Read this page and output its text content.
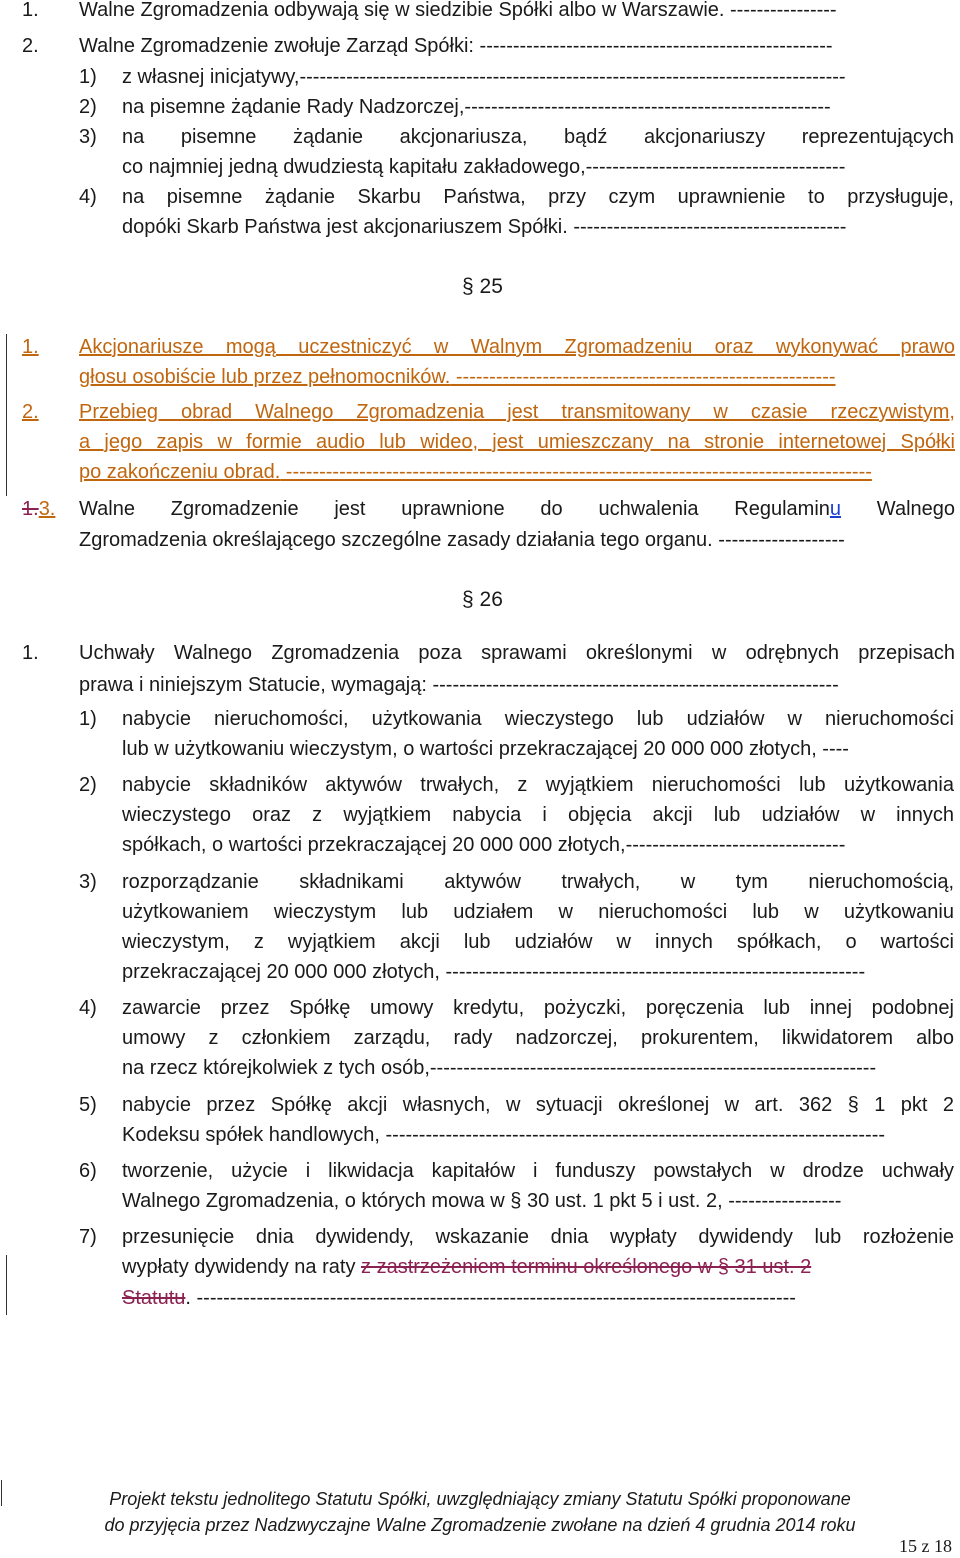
1. Walne Zgromadzenia odbywają się w siedzibie Spółki albo w Warszawie. ----------------
2. Walne Zgromadzenie zwołuje Zarząd Spółki: -----------------------------------------------------
1) z własnej inicjatywy,----------------------------------------------------------------------------------
2) na pisemne żądanie Rady Nadzorczej,-------------------------------------------------------
3) na pisemne żądanie akcjonariusza, bądź akcjonariuszy reprezentujących
co najmniej jedną dwudziestą kapitału zakładowego,---------------------------------------
4) na pisemne żądanie Skarbu Państwa, przy czym uprawnienie to przysługuje,
dopóki Skarb Państwa jest akcjonariuszem Spółki. -----------------------------------------
§ 25
1. Akcjonariusze mogą uczestniczyć w Walnym Zgromadzeniu oraz wykonywać prawo
głosu osobiście lub przez pełnomocników. ---------------------------------------------------------
2. Przebieg obrad Walnego Zgromadzenia jest transmitowany w czasie rzeczywistym,
a jego zapis w formie audio lub wideo, jest umieszczany na stronie internetowej Spółki
po zakończeniu obrad. ----------------------------------------------------------------------------------------
1.3. Walne Zgromadzenie jest uprawnione do uchwalenia Regulaminu Walnego
Zgromadzenia określającego szczególne zasady działania tego organu. -------------------
§ 26
1. Uchwały Walnego Zgromadzenia poza sprawami określonymi w odrębnych przepisach
prawa i niniejszym Statucie, wymagają: -------------------------------------------------------------
1) nabycie nieruchomości, użytkowania wieczystego lub udziałów w nieruchomości
lub w użytkowaniu wieczystym, o wartości przekraczającej 20 000 000 złotych, ----
2) nabycie składników aktywów trwałych, z wyjątkiem nieruchomości lub użytkowania
wieczystego oraz z wyjątkiem nabycia i objęcia akcji lub udziałów w innych
spółkach, o wartości przekraczającej 20 000 000 złotych,---------------------------------
3) rozporządzanie składnikami aktywów trwałych, w tym nieruchomością,
użytkowaniem wieczystym lub udziałem w nieruchomości lub w użytkowaniu
wieczystym, z wyjątkiem akcji lub udziałów w innych spółkach, o wartości
przekraczającej 20 000 000 złotych, ---------------------------------------------------------------
4) zawarcie przez Spółkę umowy kredytu, pożyczki, poręczenia lub innej podobnej
umowy z członkiem zarządu, rady nadzorczej, prokurentem, likwidatorem albo
na rzecz którejkolwiek z tych osób,-------------------------------------------------------------------
5) nabycie przez Spółkę akcji własnych, w sytuacji określonej w art. 362 § 1 pkt 2
Kodeksu spółek handlowych, ---------------------------------------------------------------------------
6) tworzenie, użycie i likwidacja kapitałów i funduszy powstałych w drodze uchwały
Walnego Zgromadzenia, o których mowa w § 30 ust. 1 pkt 5 i ust. 2, -----------------
7) przesunięcie dnia dywidendy, wskazanie dnia wypłaty dywidendy lub rozłożenie
wypłaty dywidendy na raty z zastrzeżeniem terminu określonego w § 31 ust. 2
Statutu. ------------------------------------------------------------------------------------------
Projekt tekstu jednolitego Statutu Spółki, uwzględniający zmiany Statutu Spółki proponowane
do przyjęcia przez Nadzwyczajne Walne Zgromadzenie zwołane na dzień 4 grudnia 2014 roku
15 z 18
